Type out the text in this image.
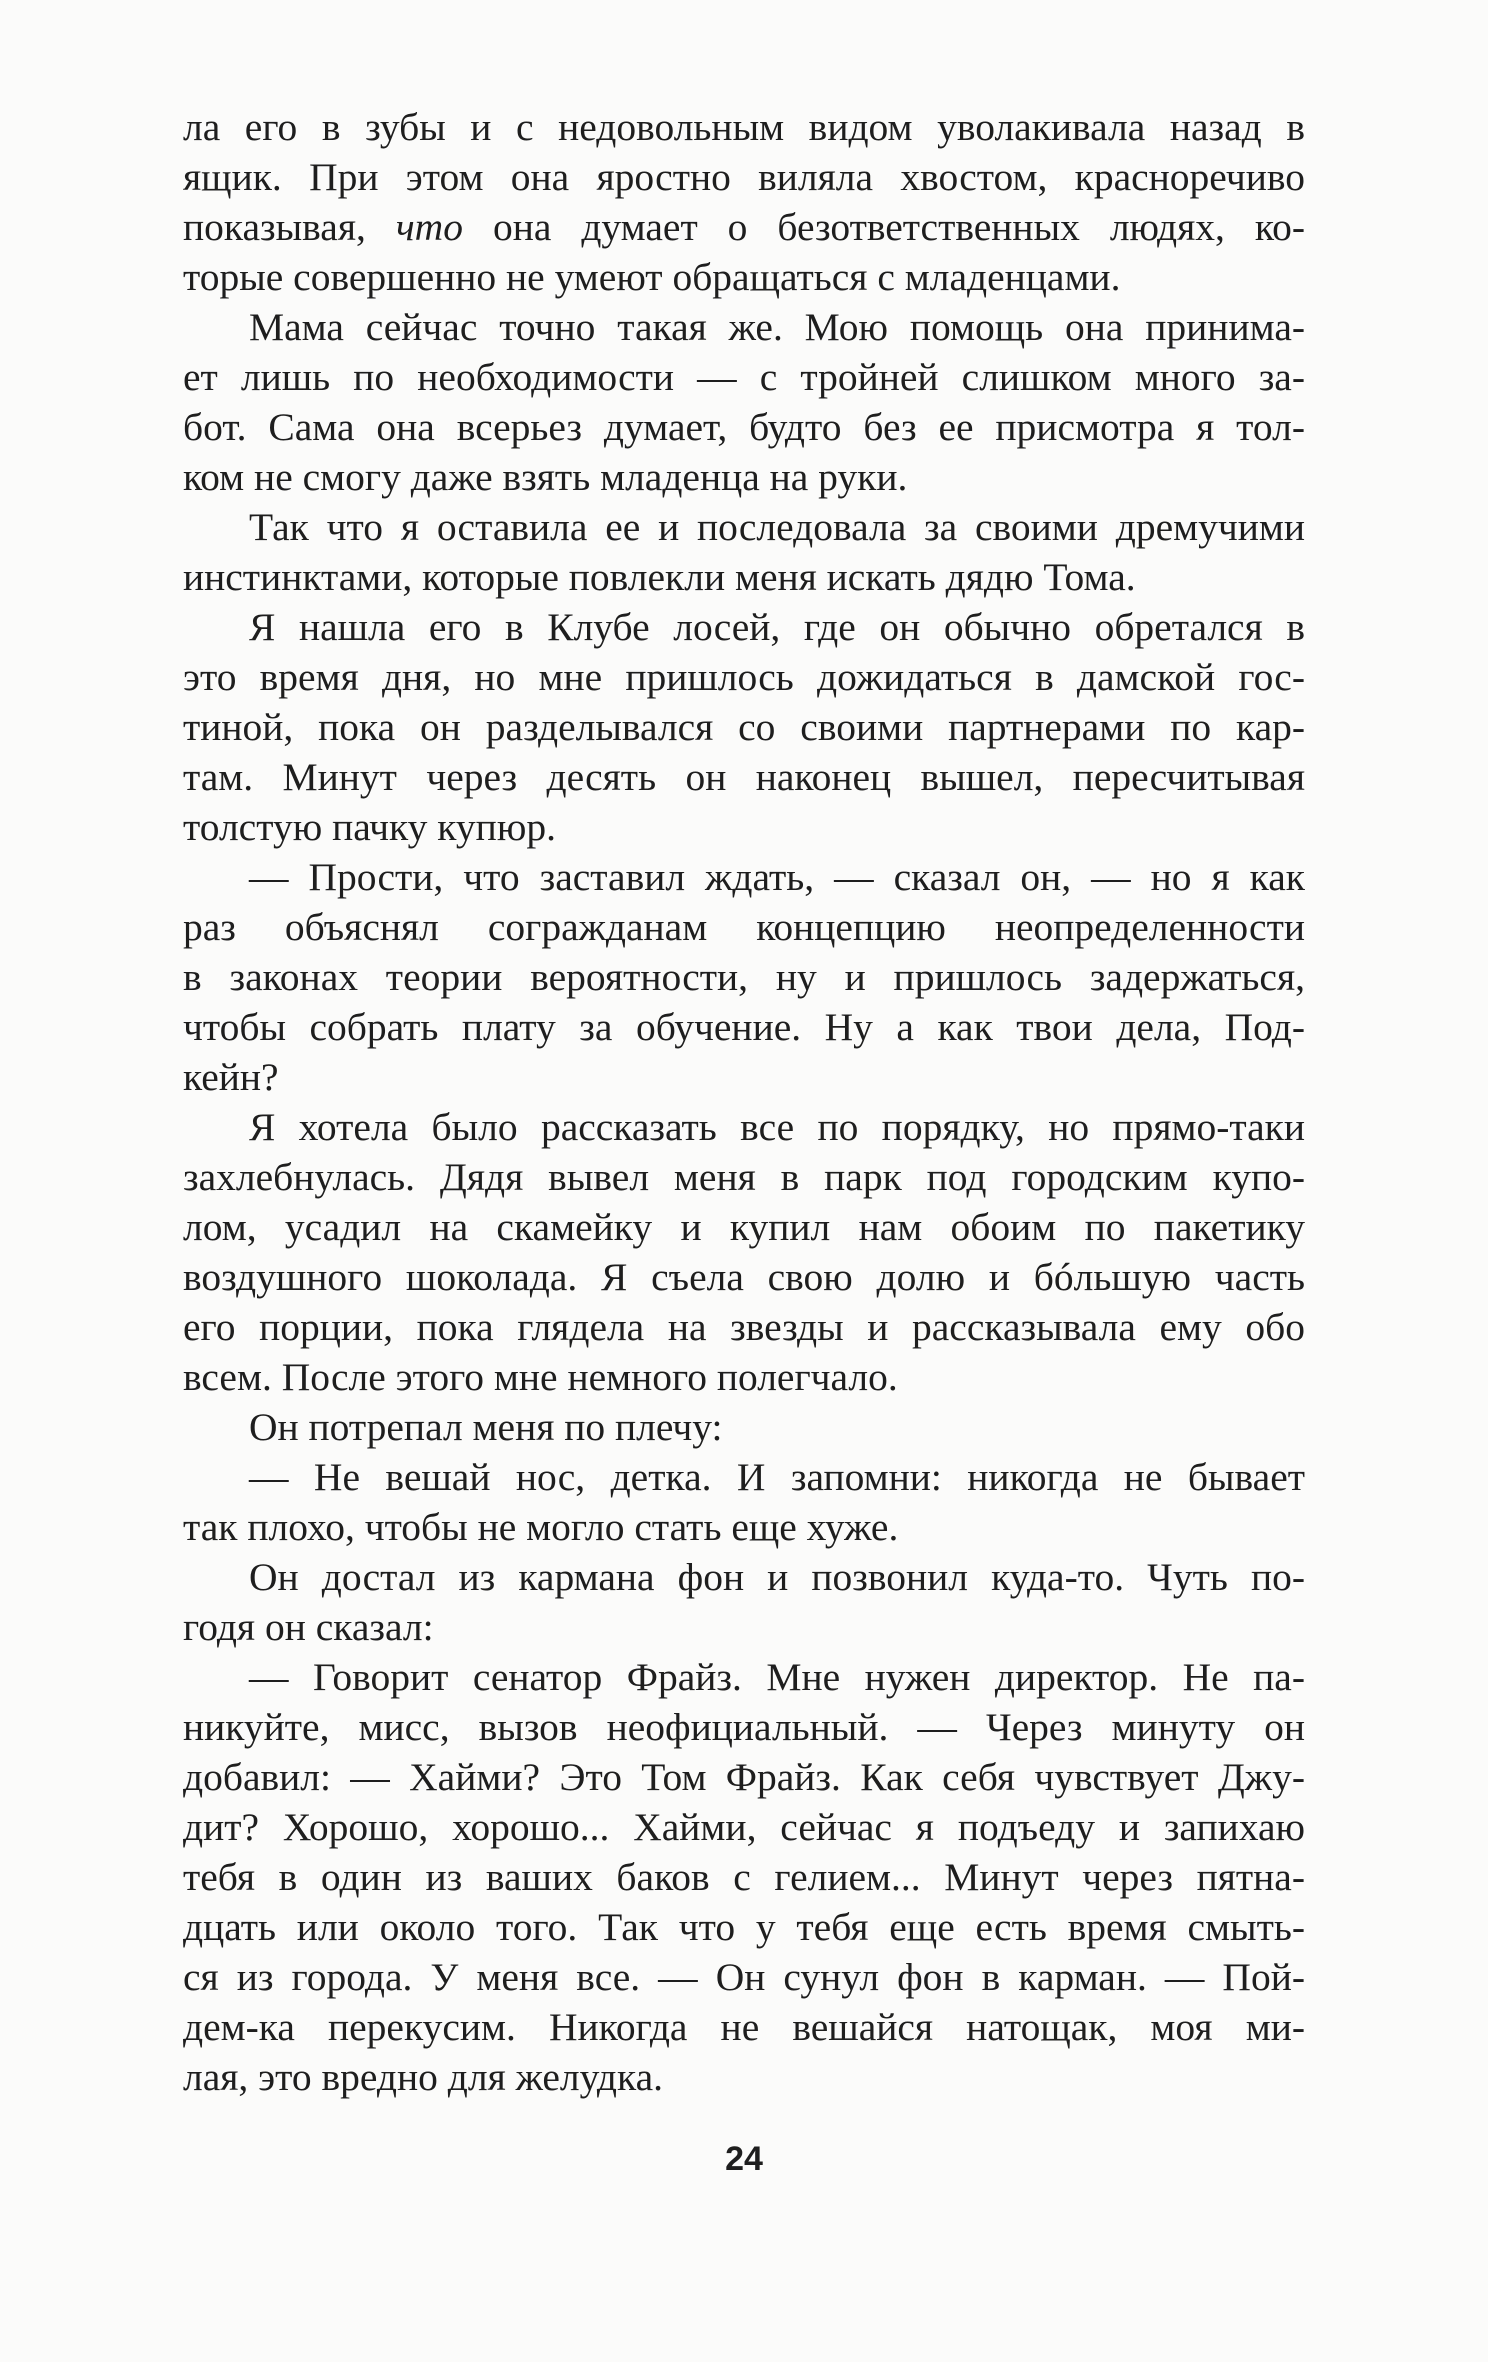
ла его в зубы и с недовольным видом уволакивала назад в
ящик. При этом она яростно виляла хвостом, красноречиво
показывая, что она думает о безответственных людях, ко-
торые совершенно не умеют обращаться с младенцами.
Мама сейчас точно такая же. Мою помощь она принима-
ет лишь по необходимости — с тройней слишком много за-
бот. Сама она всерьез думает, будто без ее присмотра я тол-
ком не смогу даже взять младенца на руки.
Так что я оставила ее и последовала за своими дремучими
инстинктами, которые повлекли меня искать дядю Тома.
Я нашла его в Клубе лосей, где он обычно обретался в
это время дня, но мне пришлось дожидаться в дамской гос-
тиной, пока он разделывался со своими партнерами по кар-
там. Минут через десять он наконец вышел, пересчитывая
толстую пачку купюр.
— Прости, что заставил ждать, — сказал он, — но я как
раз объяснял согражданам концепцию неопределенности
в законах теории вероятности, ну и пришлось задержаться,
чтобы собрать плату за обучение. Ну а как твои дела, Под-
кейн?
Я хотела было рассказать все по порядку, но прямо-таки
захлебнулась. Дядя вывел меня в парк под городским купо-
лом, усадил на скамейку и купил нам обоим по пакетику
воздушного шоколада. Я съела свою долю и бóльшую часть
его порции, пока глядела на звезды и рассказывала ему обо
всем. После этого мне немного полегчало.
Он потрепал меня по плечу:
— Не вешай нос, детка. И запомни: никогда не бывает
так плохо, чтобы не могло стать еще хуже.
Он достал из кармана фон и позвонил куда-то. Чуть по-
годя он сказал:
— Говорит сенатор Фрайз. Мне нужен директор. Не па-
никуйте, мисс, вызов неофициальный. — Через минуту он
добавил: — Хайми? Это Том Фрайз. Как себя чувствует Джу-
дит? Хорошо, хорошо... Хайми, сейчас я подъеду и запихаю
тебя в один из ваших баков с гелием... Минут через пятна-
дцать или около того. Так что у тебя еще есть время смыть-
ся из города. У меня все. — Он сунул фон в карман. — Пой-
дем-ка перекусим. Никогда не вешайся натощак, моя ми-
лая, это вредно для желудка.
24
